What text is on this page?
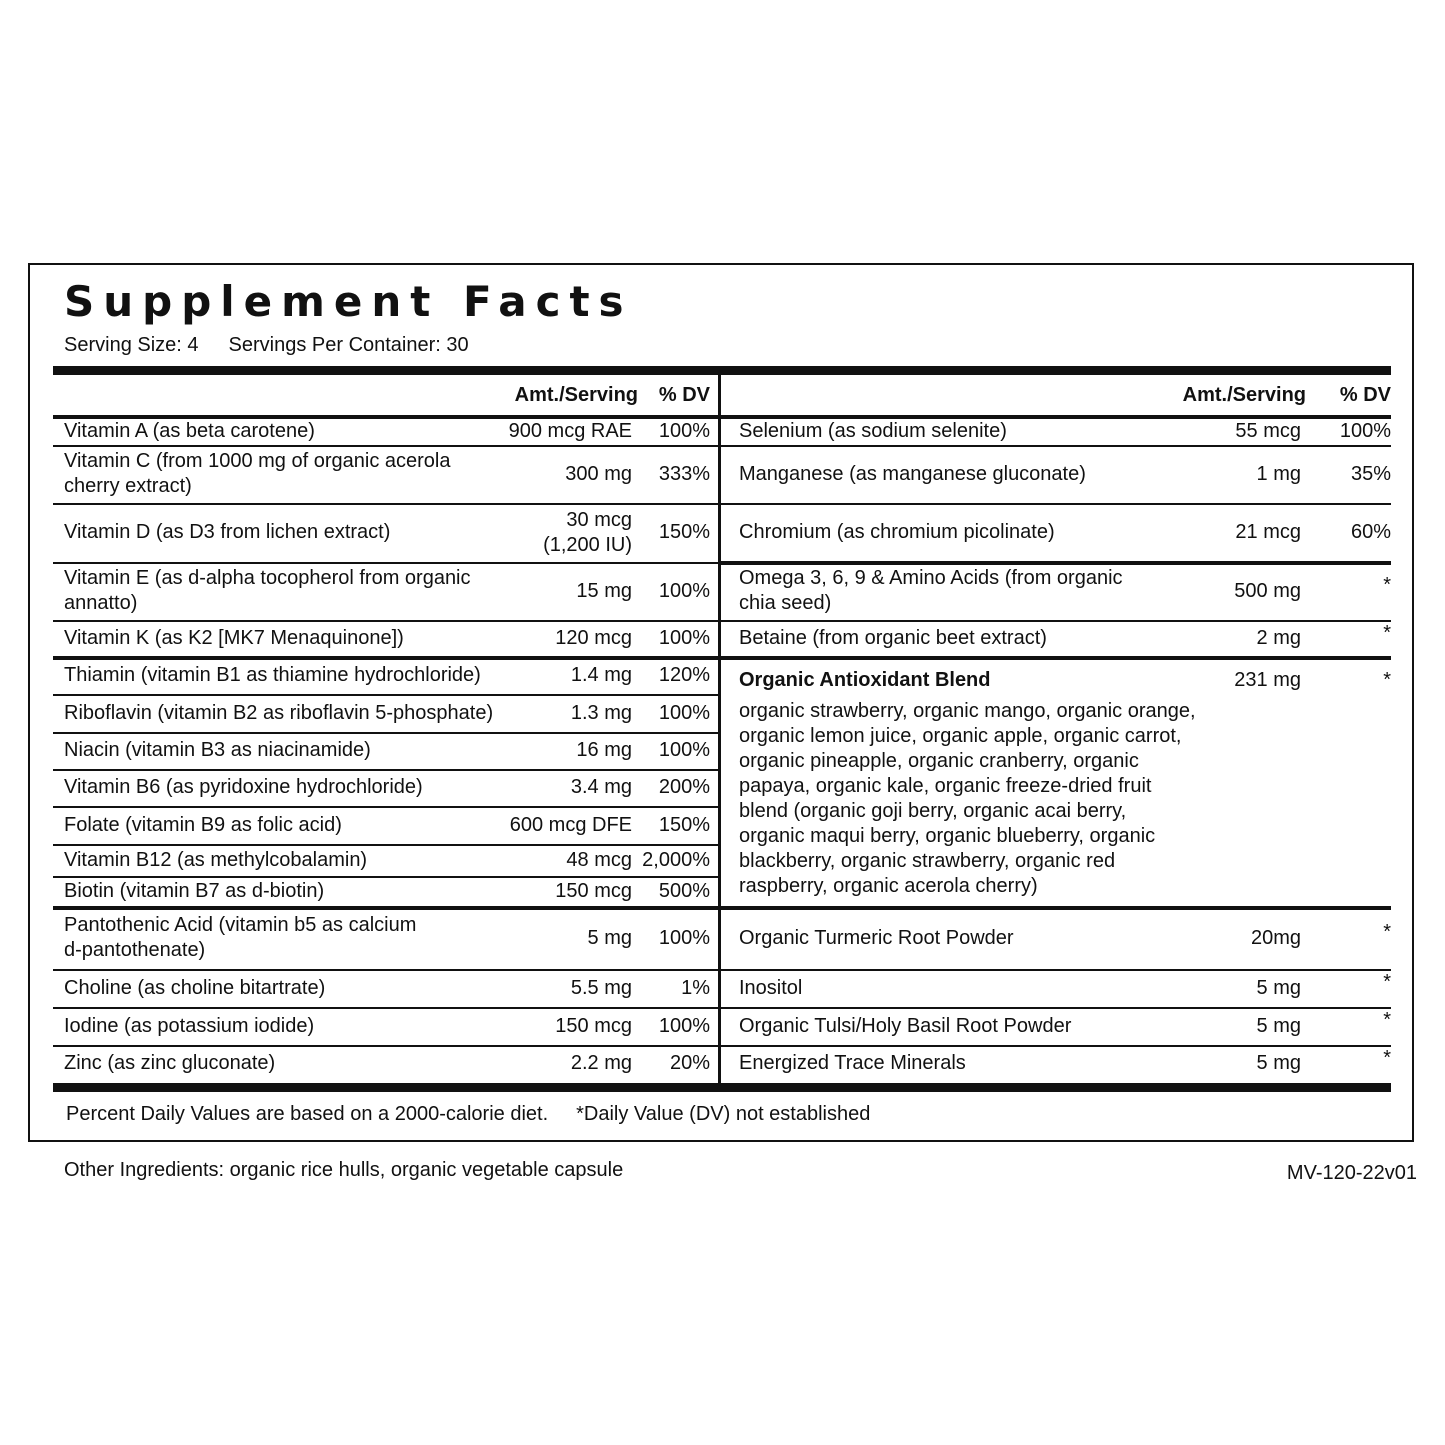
Supplement Facts
Serving Size: 4 Servings Per Container: 30
Amt./Serving % DV
Vitamin A (as beta carotene)	900 mcg RAE 100%
Vitamin C (from 1000 mg of organic acerola
cherry extract)
300 mg 333%
Vitamin D (as D3 from lichen extract)
30 mcg
(1,200 IU)
150%
Vitamin E (as d-alpha tocopherol from organic
annatto)
15 mg 100%
Vitamin K (as K2 [MK7 Menaquinone])	120 mcg 100%
Thiamin (vitamin B1 as thiamine hydrochloride)	1.4 mg 120%
Riboflavin (vitamin B2 as riboflavin 5-phosphate)	1.3 mg 100%
Niacin (vitamin B3 as niacinamide)	16 mg 100%
Vitamin B6 (as pyridoxine hydrochloride)	3.4 mg 200%
Folate (vitamin B9 as folic acid)	600 mcg DFE 150%
Vitamin B12 (as methylcobalamin)	48 mcg 2,000%
Biotin (vitamin B7 as d-biotin)	150 mcg 500%
Pantothenic Acid (vitamin b5 as calcium
d-pantothenate)
5 mg 100%
Choline (as choline bitartrate)	5.5 mg 1%
Iodine (as potassium iodide)	150 mcg 100%
Zinc (as zinc gluconate)	2.2 mg 20%
Amt./Serving % DV
Selenium (as sodium selenite)	55 mcg 100%
Manganese (as manganese gluconate)	1 mg 35%
Chromium (as chromium picolinate)	21 mcg 60%
Omega 3, 6, 9 & Amino Acids (from organic
chia seed)
500 mg	*
Betaine (from organic beet extract)	2 mg	*
Organic Antioxidant Blend
organic strawberry, organic mango, organic orange,
organic lemon juice, organic apple, organic carrot,
organic pineapple, organic cranberry, organic
papaya, organic kale, organic freeze-dried fruit
blend (organic goji berry, organic acai berry,
organic maqui berry, organic blueberry, organic
blackberry, organic strawberry, organic red
raspberry, organic acerola cherry)
231 mg	*
Organic Turmeric Root Powder	20mg	*
Inositol	5 mg	*
Organic Tulsi/Holy Basil Root Powder	5 mg	*
Energized Trace Minerals	5 mg	*
Percent Daily Values are based on a 2000-calorie diet. *Daily Value (DV) not established
Other Ingredients: organic rice hulls, organic vegetable capsule	MV-120-22v01
